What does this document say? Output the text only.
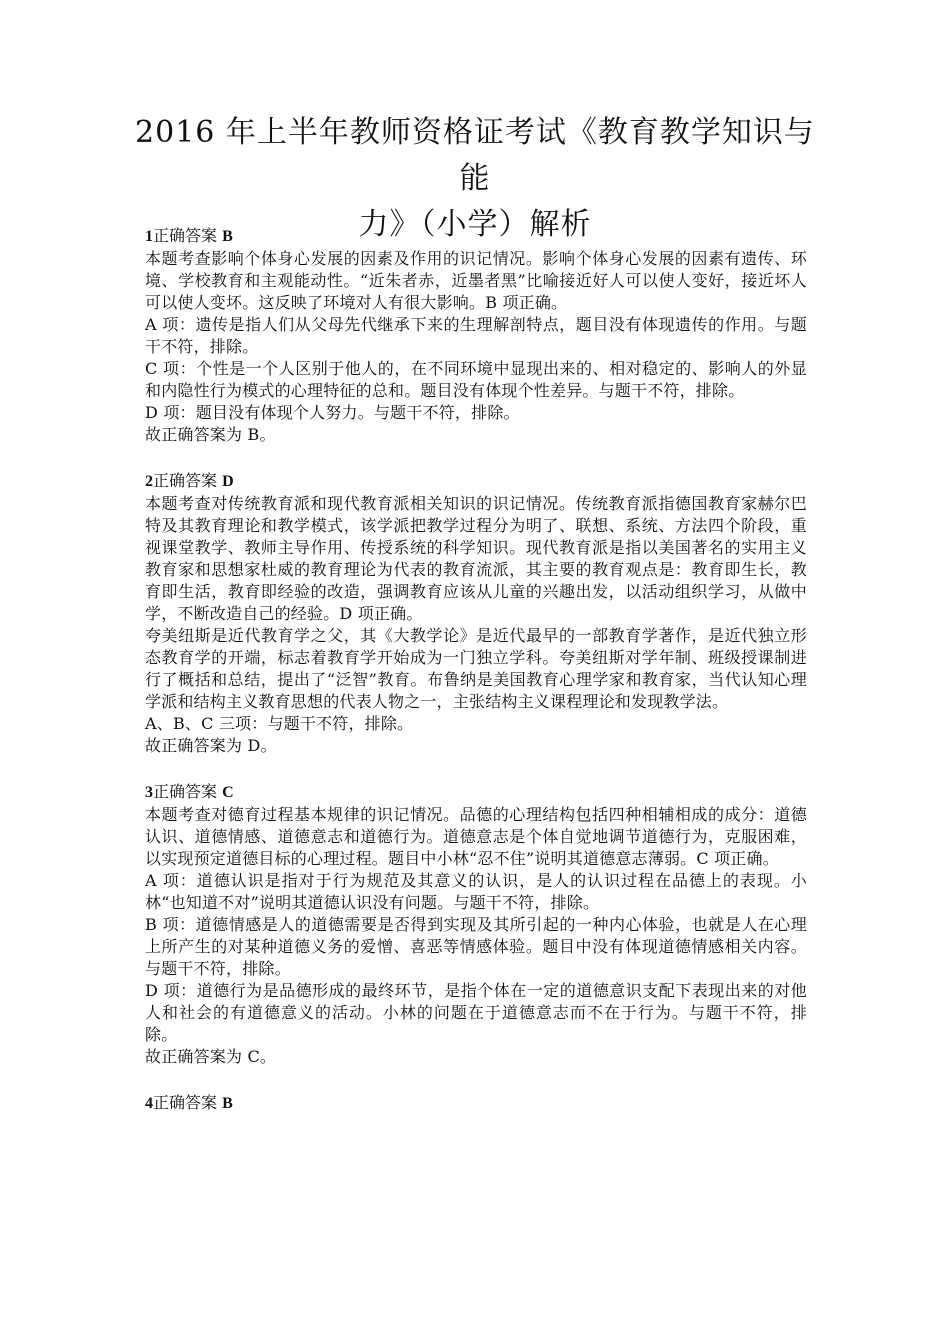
2016 年上半年教师资格证考试《教育教学知识与能
力》（小学）解析

1正确答案 B

本题考查影响个体身心发展的因素及作用的识记情况。影响个体身心发展的因素有遗传、环境、学校教育和主观能动性。“近朱者赤，近墨者黑”比喻接近好人可以使人变好，接近坏人可以使人变坏。这反映了环境对人有很大影响。B 项正确。

A 项：遗传是指人们从父母先代继承下来的生理解剖特点，题目没有体现遗传的作用。与题干不符，排除。

C 项：个性是一个人区别于他人的，在不同环境中显现出来的、相对稳定的、影响人的外显和内隐性行为模式的心理特征的总和。题目没有体现个性差异。与题干不符，排除。

D 项：题目没有体现个人努力。与题干不符，排除。

故正确答案为 B。

2正确答案 D

本题考查对传统教育派和现代教育派相关知识的识记情况。传统教育派指德国教育家赫尔巴特及其教育理论和教学模式，该学派把教学过程分为明了、联想、系统、方法四个阶段，重视课堂教学、教师主导作用、传授系统的科学知识。现代教育派是指以美国著名的实用主义教育家和思想家杜威的教育理论为代表的教育流派，其主要的教育观点是：教育即生长，教育即生活，教育即经验的改造，强调教育应该从儿童的兴趣出发，以活动组织学习，从做中学，不断改造自己的经验。D 项正确。

夸美纽斯是近代教育学之父，其《大教学论》是近代最早的一部教育学著作，是近代独立形态教育学的开端，标志着教育学开始成为一门独立学科。夸美纽斯对学年制、班级授课制进行了概括和总结，提出了“泛智”教育。布鲁纳是美国教育心理学家和教育家，当代认知心理学派和结构主义教育思想的代表人物之一，主张结构主义课程理论和发现教学法。

A、B、C 三项：与题干不符，排除。

故正确答案为 D。

3正确答案 C

本题考查对德育过程基本规律的识记情况。品德的心理结构包括四种相辅相成的成分：道德认识、道德情感、道德意志和道德行为。道德意志是个体自觉地调节道德行为，克服困难，以实现预定道德目标的心理过程。题目中小林“忍不住”说明其道德意志薄弱。C 项正确。

A 项：道德认识是指对于行为规范及其意义的认识，是人的认识过程在品德上的表现。小林“也知道不对”说明其道德认识没有问题。与题干不符，排除。

B 项：道德情感是人的道德需要是否得到实现及其所引起的一种内心体验，也就是人在心理上所产生的对某种道德义务的爱憎、喜恶等情感体验。题目中没有体现道德情感相关内容。与题干不符，排除。

D 项：道德行为是品德形成的最终环节，是指个体在一定的道德意识支配下表现出来的对他人和社会的有道德意义的活动。小林的问题在于道德意志而不在于行为。与题干不符，排除。

故正确答案为 C。

4正确答案 B
